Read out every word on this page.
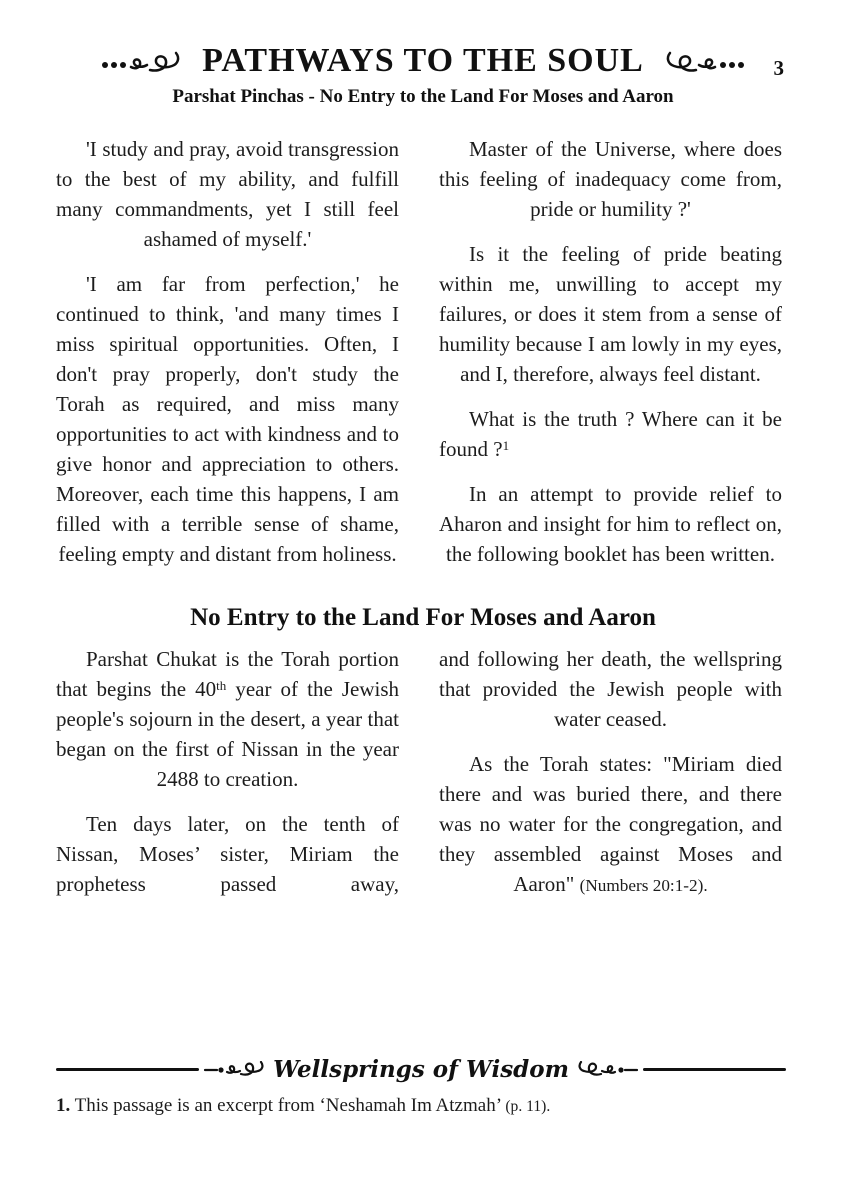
PATHWAYS TO THE SOUL	3
Parshat Pinchas - No Entry to the Land For Moses and Aaron

'I study and pray, avoid transgression to the best of my ability, and fulfill many commandments, yet I still feel ashamed of myself.'

'I am far from perfection,' he continued to think, 'and many times I miss spiritual opportunities. Often, I don't pray properly, don't study the Torah as required, and miss many opportunities to act with kindness and to give honor and appreciation to others. Moreover, each time this happens, I am filled with a terrible sense of shame, feeling empty and distant from holiness.

Master of the Universe, where does this feeling of inadequacy come from, pride or humility ?'

Is it the feeling of pride beating within me, unwilling to accept my failures, or does it stem from a sense of humility because I am lowly in my eyes, and I, therefore, always feel distant.

What is the truth ? Where can it be found ?$^1$

In an attempt to provide relief to Aharon and insight for him to reflect on, the following booklet has been written.

No Entry to the Land For Moses and Aaron

Parshat Chukat is the Torah portion that begins the 40th year of the Jewish people's sojourn in the desert, a year that began on the first of Nissan in the year 2488 to creation.

Ten days later, on the tenth of Nissan, Moses’ sister, Miriam the prophetess passed away,

and following her death, the wellspring that provided the Jewish people with water ceased.

As the Torah states: "Miriam died there and was buried there, and there was no water for the congregation, and they assembled against Moses and Aaron" (Numbers 20:1-2).

Wellsprings of Wisdom

1. This passage is an excerpt from ‘Neshamah Im Atzmah’ (p. 11).
